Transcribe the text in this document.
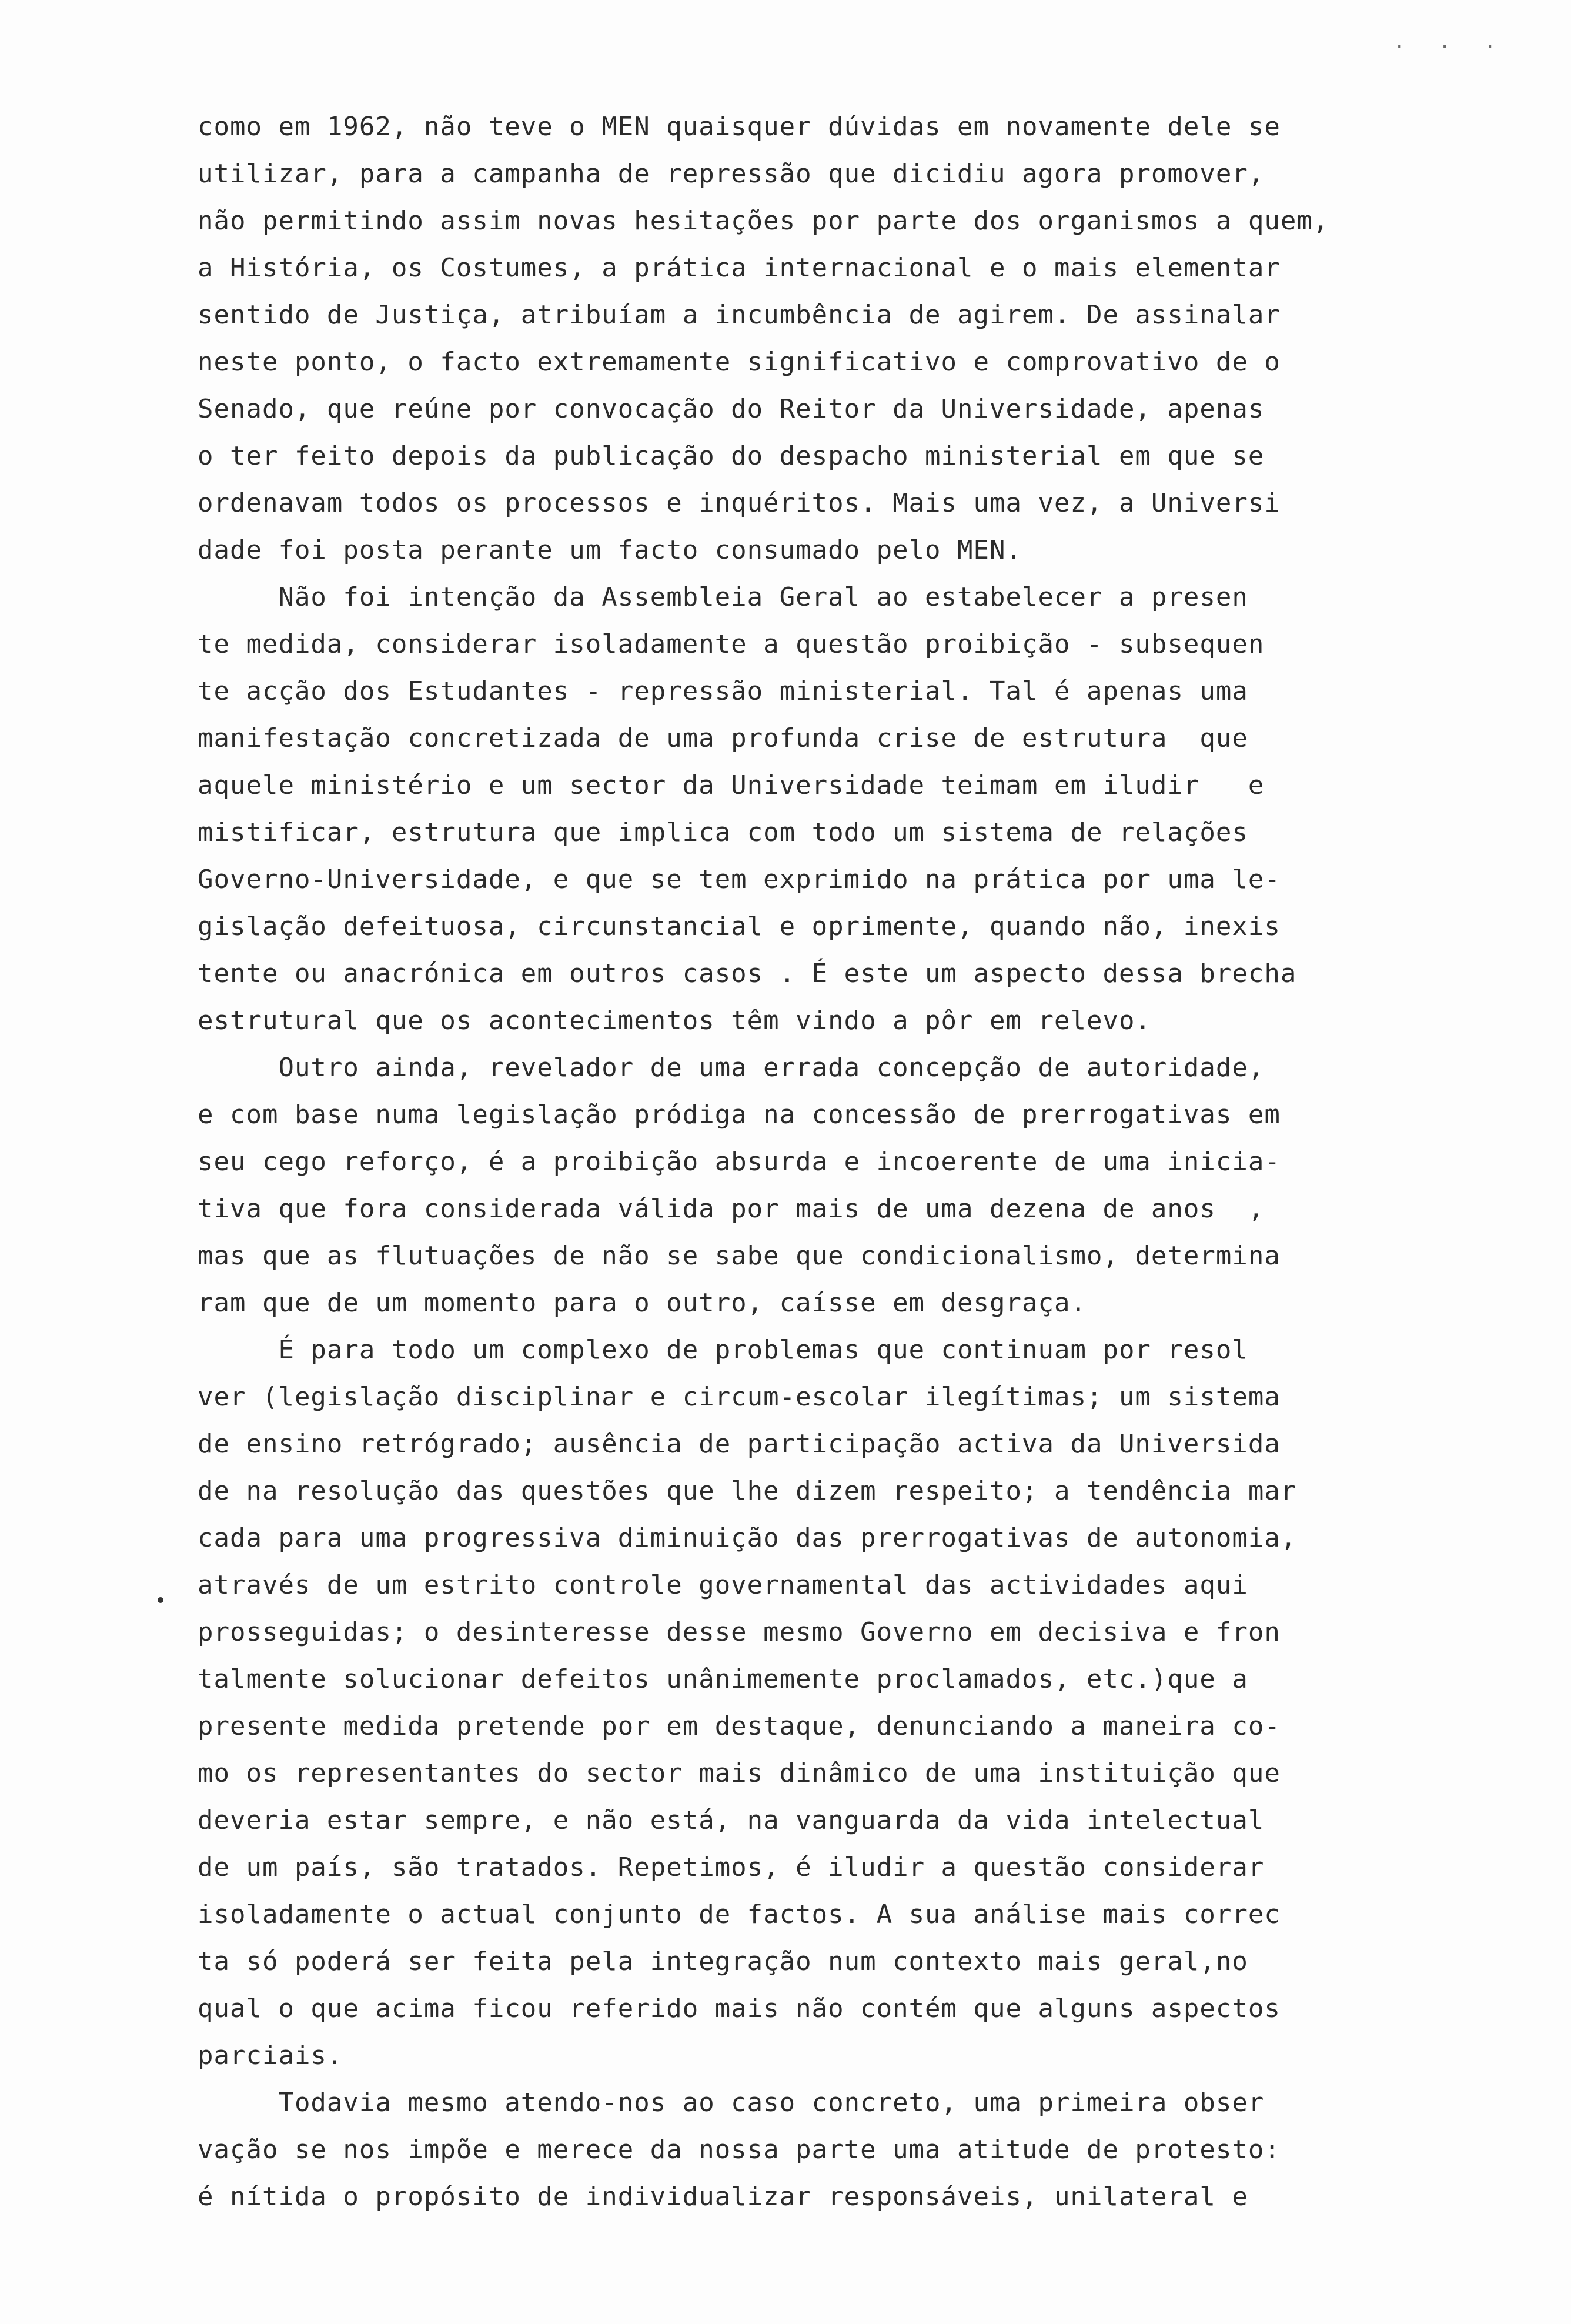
· · ·
como em 1962, não teve o MEN quaisquer dúvidas em novamente dele se
utilizar, para a campanha de repressão que dicidiu agora promover,
não permitindo assim novas hesitações por parte dos organismos a quem,
a História, os Costumes, a prática internacional e o mais elementar
sentido de Justiça, atribuíam a incumbência de agirem. De assinalar
neste ponto, o facto extremamente significativo e comprovativo de o
Senado, que reúne por convocação do Reitor da Universidade, apenas
o ter feito depois da publicação do despacho ministerial em que se
ordenavam todos os processos e inquéritos. Mais uma vez, a Universi
dade foi posta perante um facto consumado pelo MEN.
Não foi intenção da Assembleia Geral ao estabelecer a presen
te medida, considerar isoladamente a questão proibição - subsequen
te acção dos Estudantes - repressão ministerial. Tal é apenas uma
manifestação concretizada de uma profunda crise de estrutura  que
aquele ministério e um sector da Universidade teimam em iludir   e
mistificar, estrutura que implica com todo um sistema de relações
Governo-Universidade, e que se tem exprimido na prática por uma le-
gislação defeituosa, circunstancial e oprimente, quando não, inexis
tente ou anacrónica em outros casos . É este um aspecto dessa brecha
estrutural que os acontecimentos têm vindo a pôr em relevo.
Outro ainda, revelador de uma errada concepção de autoridade,
e com base numa legislação pródiga na concessão de prerrogativas em
seu cego reforço, é a proibição absurda e incoerente de uma inicia-
tiva que fora considerada válida por mais de uma dezena de anos  ,
mas que as flutuações de não se sabe que condicionalismo, determina
ram que de um momento para o outro, caísse em desgraça.
É para todo um complexo de problemas que continuam por resol
ver (legislação disciplinar e circum-escolar ilegítimas; um sistema
de ensino retrógrado; ausência de participação activa da Universida
de na resolução das questões que lhe dizem respeito; a tendência mar
cada para uma progressiva diminuição das prerrogativas de autonomia,
através de um estrito controle governamental das actividades aqui
prosseguidas; o desinteresse desse mesmo Governo em decisiva e fron
talmente solucionar defeitos unânimemente proclamados, etc.)que a
presente medida pretende por em destaque, denunciando a maneira co-
mo os representantes do sector mais dinâmico de uma instituição que
deveria estar sempre, e não está, na vanguarda da vida intelectual
de um país, são tratados. Repetimos, é iludir a questão considerar
isoladamente o actual conjunto de factos. A sua análise mais correc
ta só poderá ser feita pela integração num contexto mais geral,no
qual o que acima ficou referido mais não contém que alguns aspectos
parciais.
Todavia mesmo atendo-nos ao caso concreto, uma primeira obser
vação se nos impõe e merece da nossa parte uma atitude de protesto:
é nítida o propósito de individualizar responsáveis, unilateral e
